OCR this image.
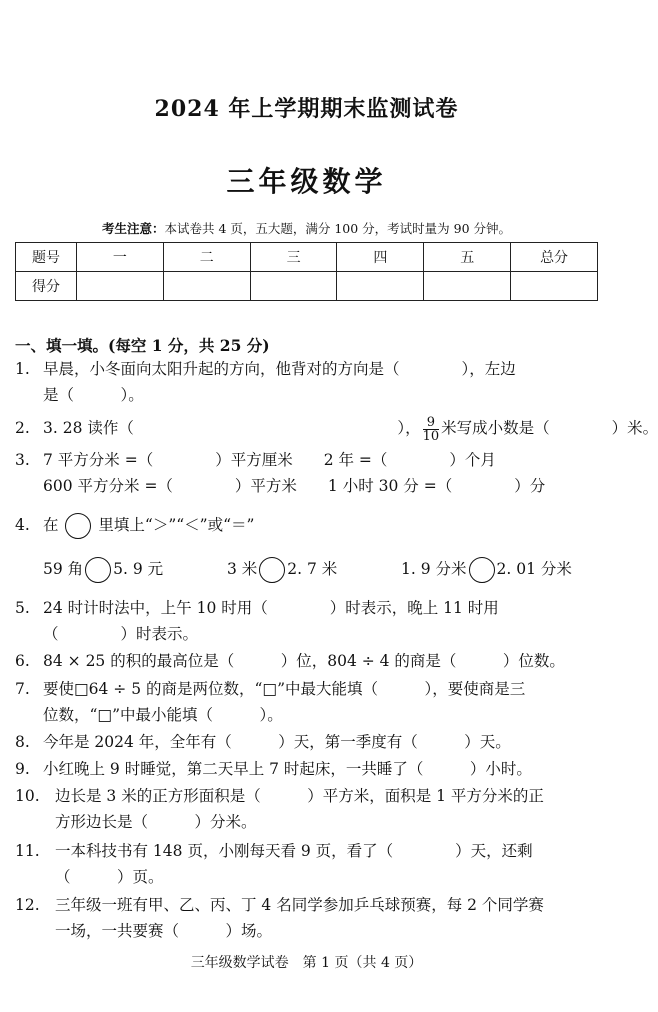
2024 年上学期期末监测试卷
三年级数学
考生注意：本试卷共 4 页，五大题，满分 100 分，考试时量为 90 分钟。
题号	一	二	三	四	五	总分
得分						
一、填一填。(每空 1 分，共 25 分)
1. 早晨，小冬面向太阳升起的方向，他背对的方向是（　　　　），左边
是（　　　）。
2. 3. 28 读作（　　　　　　　　　　　　　　　　　）， $\frac{9}{10}$ 米写成小数是（　　　　）米。
3. 7 平方分米 =（　　　　）平方厘米　　2 年 =（　　　　）个月
600 平方分米 =（　　　　）平方米　　1 小时 30 分 =（　　　　）分
4. 在	里填上“＞”“＜”或“＝”
59 角 5. 9 元	3 米 2. 7 米	1. 9 分米 2. 01 分米
5. 24 时计时法中，上午 10 时用（　　　　）时表示，晚上 11 时用
（　　　　）时表示。
6. 84 × 25 的积的最高位是（　　　）位，804 ÷ 4 的商是（　　　）位数。
7. 要使□64 ÷ 5 的商是两位数，“□”中最大能填（　　　），要使商是三
位数，“□”中最小能填（　　　）。
8. 今年是 2024 年，全年有（　　　）天，第一季度有（　　　）天。
9. 小红晚上 9 时睡觉，第二天早上 7 时起床，一共睡了（　　　）小时。
10. 边长是 3 米的正方形面积是（　　　）平方米，面积是 1 平方分米的正
方形边长是（　　　）分米。
11. 一本科技书有 148 页，小刚每天看 9 页，看了（　　　　）天，还剩
（　　　）页。
12. 三年级一班有甲、乙、丙、丁 4 名同学参加乒乓球预赛，每 2 个同学赛
一场，一共要赛（　　　）场。
三年级数学试卷　第 1 页（共 4 页）
